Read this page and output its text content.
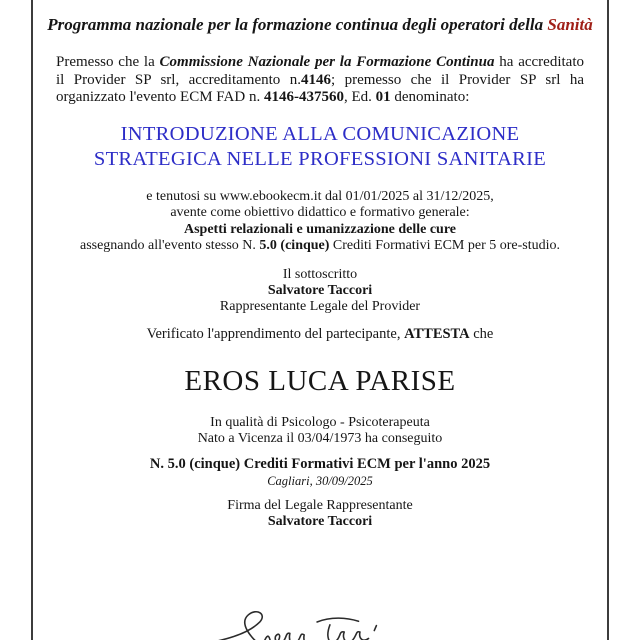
Programma nazionale per la formazione continua degli operatori della Sanità
Premesso che la Commissione Nazionale per la Formazione Continua ha accreditato il Provider SP srl, accreditamento n.4146; premesso che il Provider SP srl ha organizzato l'evento ECM FAD n. 4146-437560, Ed. 01 denominato:
INTRODUZIONE ALLA COMUNICAZIONE
STRATEGICA NELLE PROFESSIONI SANITARIE
e tenutosi su www.ebookecm.it dal 01/01/2025 al 31/12/2025,
avente come obiettivo didattico e formativo generale:
Aspetti relazionali e umanizzazione delle cure
assegnando all'evento stesso N. 5.0 (cinque) Crediti Formativi ECM per 5 ore-studio.
Il sottoscritto
Salvatore Taccori
Rappresentante Legale del Provider
Verificato l'apprendimento del partecipante, ATTESTA che
EROS LUCA PARISE
In qualità di Psicologo - Psicoterapeuta
Nato a Vicenza il 03/04/1973 ha conseguito
N. 5.0 (cinque) Crediti Formativi ECM per l'anno 2025
Cagliari, 30/09/2025
Firma del Legale Rappresentante
Salvatore Taccori
